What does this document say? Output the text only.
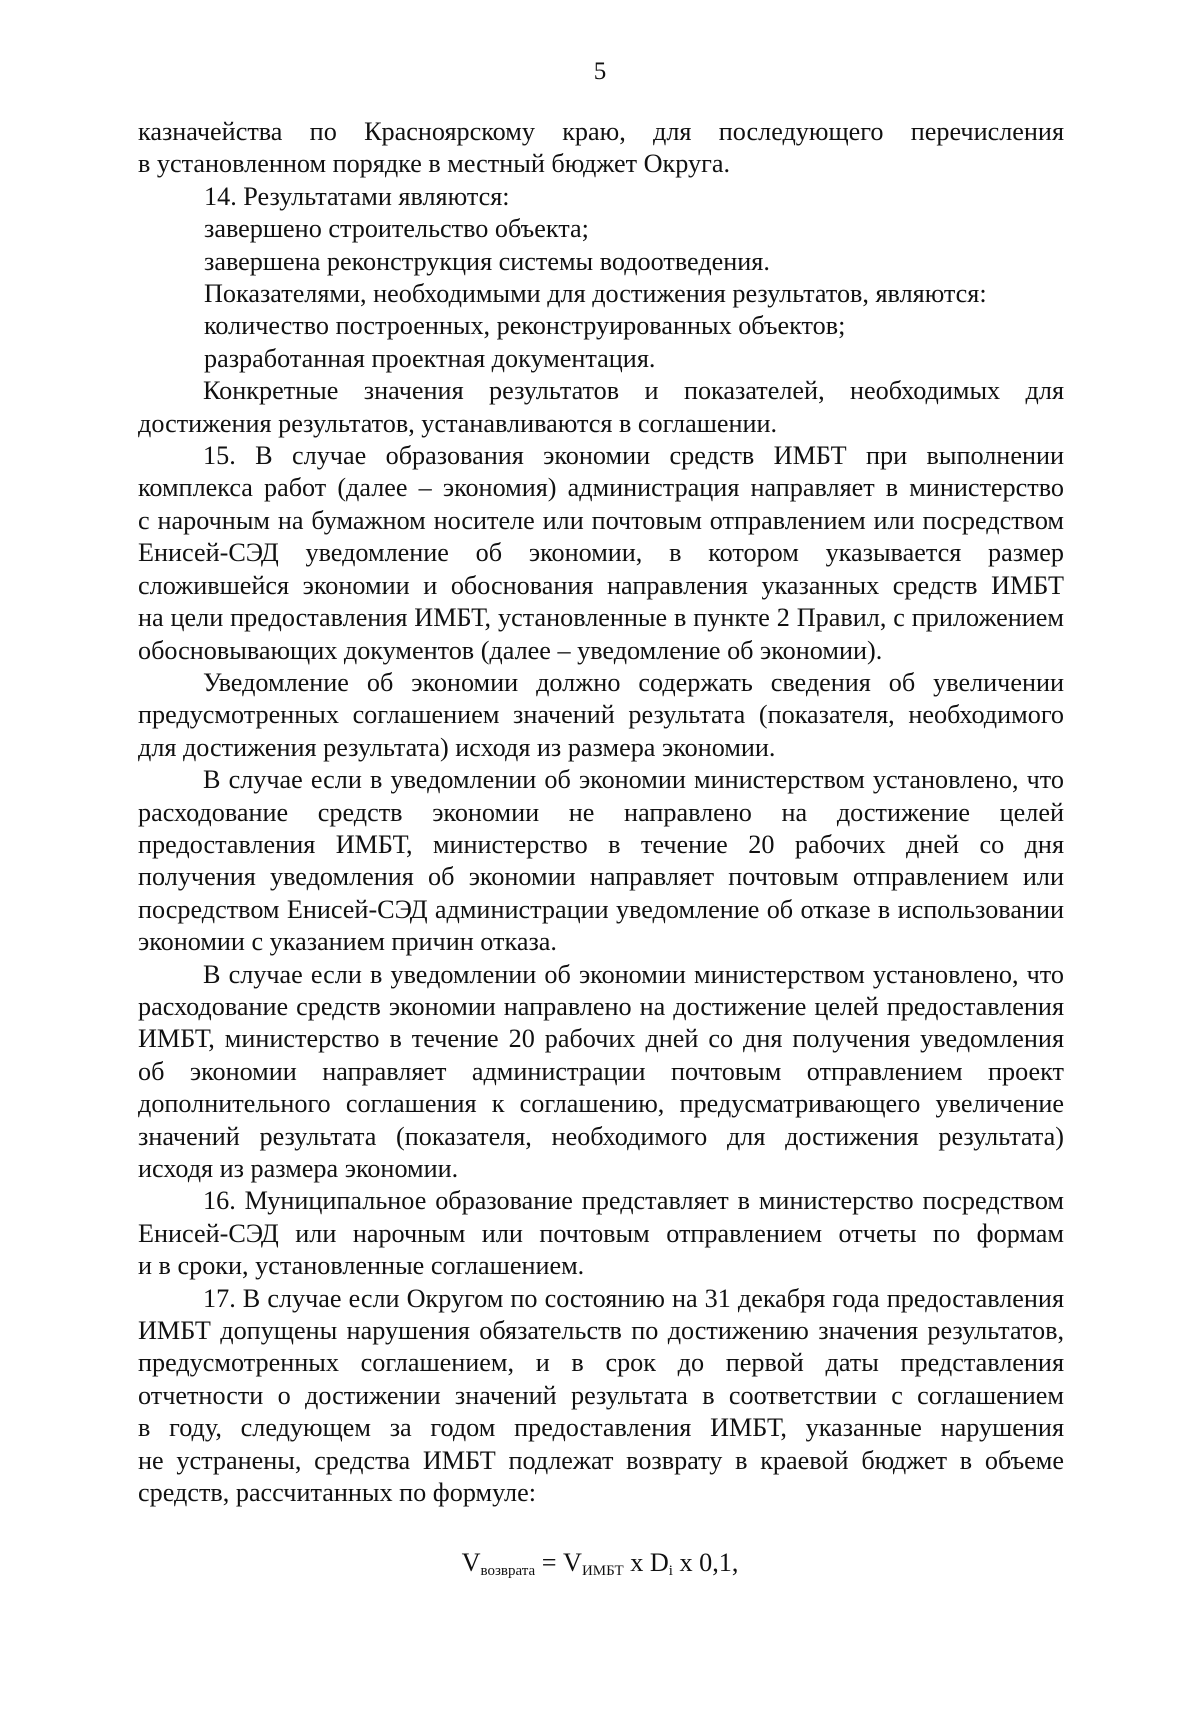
5

казначейства по Красноярскому краю, для последующего перечисления

в установленном порядке в местный бюджет Округа.

14. Результатами являются:

завершено строительство объекта;

завершена реконструкция системы водоотведения.

Показателями, необходимыми для достижения результатов, являются:

количество построенных, реконструированных объектов;

разработанная проектная документация.

Конкретные значения результатов и показателей, необходимых для

достижения результатов, устанавливаются в соглашении.

15. В случае образования экономии средств ИМБТ при выполнении

комплекса работ (далее – экономия) администрация направляет в министерство

с нарочным на бумажном носителе или почтовым отправлением или посредством

Енисей-СЭД уведомление об экономии, в котором указывается размер

сложившейся экономии и обоснования направления указанных средств ИМБТ

на цели предоставления ИМБТ, установленные в пункте 2 Правил, с приложением

обосновывающих документов (далее – уведомление об экономии).

Уведомление об экономии должно содержать сведения об увеличении

предусмотренных соглашением значений результата (показателя, необходимого

для достижения результата) исходя из размера экономии.

В случае если в уведомлении об экономии министерством установлено, что

расходование средств экономии не направлено на достижение целей

предоставления ИМБТ, министерство в течение 20 рабочих дней со дня

получения уведомления об экономии направляет почтовым отправлением или

посредством Енисей-СЭД администрации уведомление об отказе в использовании

экономии с указанием причин отказа.

В случае если в уведомлении об экономии министерством установлено, что

расходование средств экономии направлено на достижение целей предоставления

ИМБТ, министерство в течение 20 рабочих дней со дня получения уведомления

об экономии направляет администрации почтовым отправлением проект

дополнительного соглашения к соглашению, предусматривающего увеличение

значений результата (показателя, необходимого для достижения результата)

исходя из размера экономии.

16. Муниципальное образование представляет в министерство посредством

Енисей-СЭД или нарочным или почтовым отправлением отчеты по формам

и в сроки, установленные соглашением.

17. В случае если Округом по состоянию на 31 декабря года предоставления

ИМБТ допущены нарушения обязательств по достижению значения результатов,

предусмотренных соглашением, и в срок до первой даты представления

отчетности о достижении значений результата в соответствии с соглашением

в году, следующем за годом предоставления ИМБТ, указанные нарушения

не устранены, средства ИМБТ подлежат возврату в краевой бюджет в объеме

средств, рассчитанных по формуле:

$V_{возврата} = V_{ИМБТ}$ x $D_i$ x 0,1,
